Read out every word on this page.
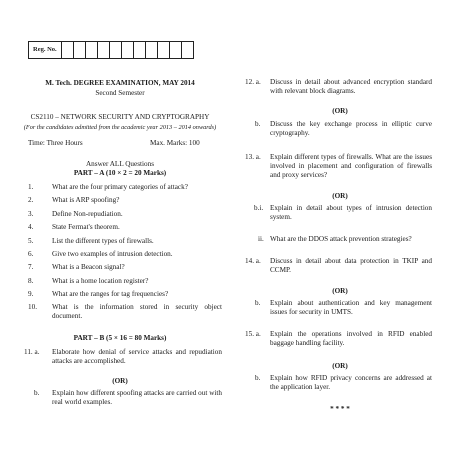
Reg. No.
M. Tech. DEGREE EXAMINATION, MAY 2014
Second Semester
CS2110 – NETWORK SECURITY AND CRYPTOGRAPHY
(For the candidates admitted from the academic year 2013 – 2014 onwards)
Time: Three Hours	Max. Marks: 100
Answer ALL Questions
PART – A (10 × 2 = 20 Marks)
1.	What are the four primary categories of attack?
2.	What is ARP spoofing?
3.	Define Non-repudiation.
4.	State Fermat's theorem.
5.	List the different types of firewalls.
6.	Give two examples of intrusion detection.
7.	What is a Beacon signal?
8.	What is a home location register?
9.	What are the ranges for tag frequencies?
10. What is the information stored in security object document.
PART – B (5 × 16 = 80 Marks)
11. a. Elaborate how denial of service attacks and repudiation attacks are accomplished.
(OR)
b. Explain how different spoofing attacks are carried out with real world examples.
12. a. Discuss in detail about advanced encryption standard with relevant block diagrams.
(OR)
b. Discuss the key exchange process in elliptic curve cryptography.
13. a. Explain different types of firewalls. What are the issues involved in placement and configuration of firewalls and proxy services?
(OR)
b.i. Explain in detail about types of intrusion detection system.
ii. What are the DDOS attack prevention strategies?
14. a. Discuss in detail about data protection in TKIP and CCMP.
(OR)
b. Explain about authentication and key management issues for security in UMTS.
15. a. Explain the operations involved in RFID enabled baggage handling facility.
(OR)
b. Explain how RFID privacy concerns are addressed at the application layer.
* * * *
